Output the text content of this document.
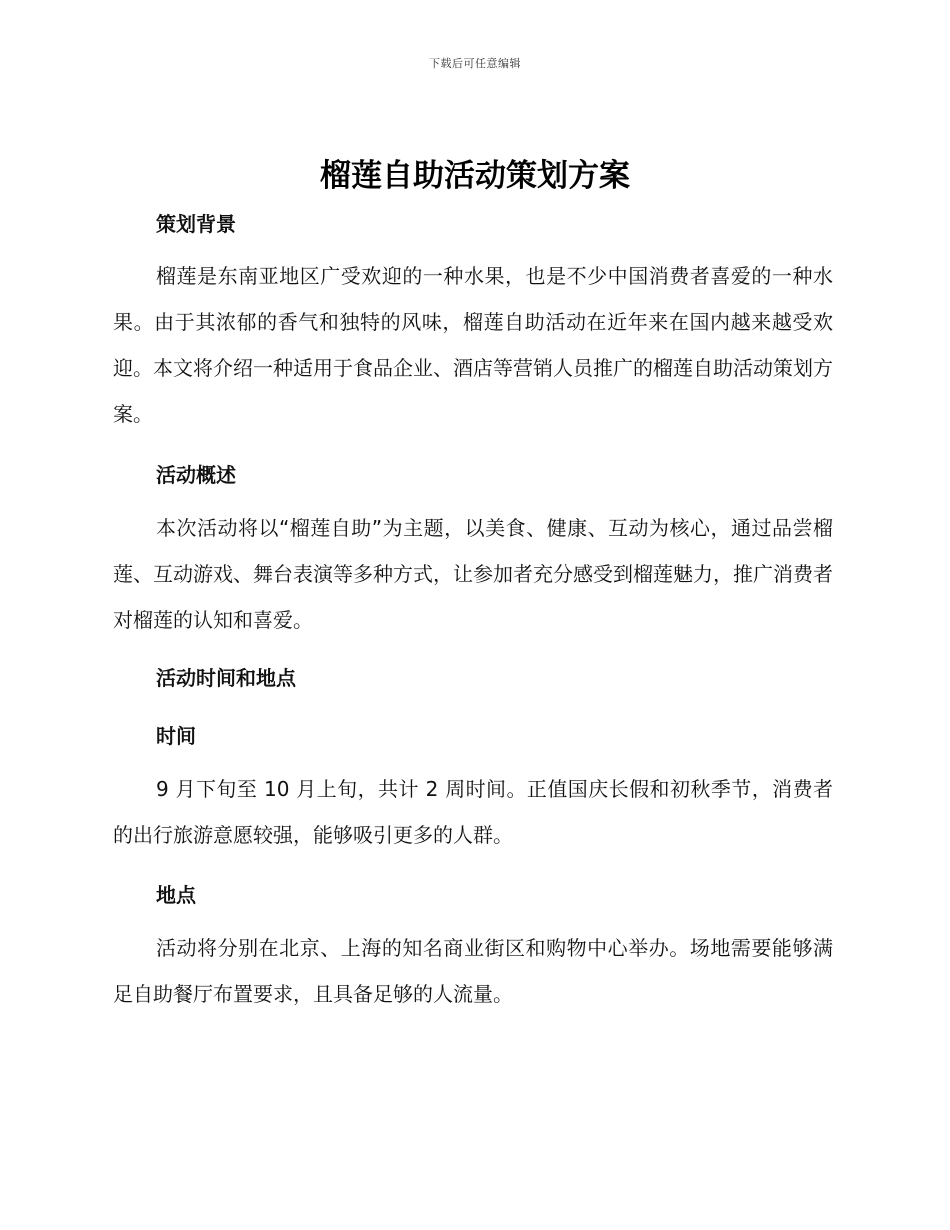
下载后可任意编辑
榴莲自助活动策划方案
策划背景
榴莲是东南亚地区广受欢迎的一种水果，也是不少中国消费者喜爱的一种水果。由于其浓郁的香气和独特的风味，榴莲自助活动在近年来在国内越来越受欢迎。本文将介绍一种适用于食品企业、酒店等营销人员推广的榴莲自助活动策划方案。
活动概述
本次活动将以“榴莲自助”为主题，以美食、健康、互动为核心，通过品尝榴莲、互动游戏、舞台表演等多种方式，让参加者充分感受到榴莲魅力，推广消费者对榴莲的认知和喜爱。
活动时间和地点
时间
9 月下旬至 10 月上旬，共计 2 周时间。正值国庆长假和初秋季节，消费者的出行旅游意愿较强，能够吸引更多的人群。
地点
活动将分别在北京、上海的知名商业街区和购物中心举办。场地需要能够满足自助餐厅布置要求，且具备足够的人流量。
